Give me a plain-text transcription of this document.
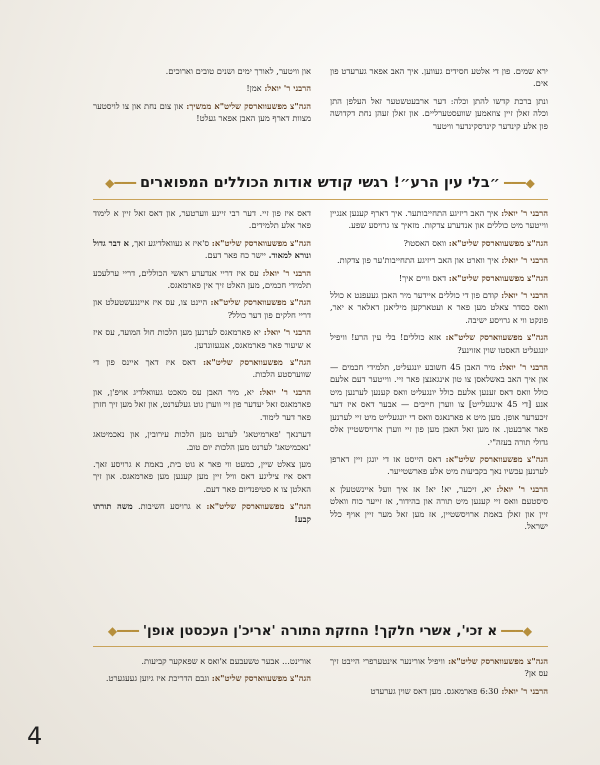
ירא שמים. פון די אלטע חסידים געווען. איך האב אפאר גערעדט פון אים.

ונתן ברכת קדשו להתן וכלה: דער ארבעטשטער זאל העלפן התן וכלה זאלן זיין צוזאמען שוועסטערליים. און זאלן זעהן נחת דקדושה פון אלע קינדער קינדסקינדער וויטער

און וויטער, לאורך ימים ושנים טובים וארוכים.

הרבני ר' יואל: אמן!

הגה"צ מפשעווארסק שליט"א ממשיך: און צום נחת און צו לויסטער מצוות דארף מען האבן אפאר געלט!

◆━━━״בלי עין הרע״! רגשי קודש אודות הכוללים המפוארים━━━◆

הרבני ר' יואל: איך האב ריזיגע התחייבותער. איך דארף קענען אנגיין ווייטער מיט כוללים און אנדערע צדקות. מזאיך צו גרויסע שפע.

הגה"צ מפשעווארסק שליט"א: וואס האסטו?

הרבני ר' יואל: איך ווארט און האב ריזיגע התחייבות'ער פון צדקות.

הגה"צ מפשעווארסק שליט"א: דאס וויים איך!

הרבני ר' יואל: קודם פון די כוללים איידער מיר האבן געעפנט א כולל וואס כסדר צאלט מען פאר א ועטארקען מיליאנן דאלאר א יאר, פונקט ווי א גרויסע ישיבה.

הגה"צ מפשעווארסק שליט"א: אזא כוללים! בלי עין הרע! וויפיל יונגעליט האסטו שוין אזוינע?

הרבני ר' יואל: מיר האבן 45 חשובע יונגעליט, תלמידי חכמים — און איך האב באשלאסן צו טון אינגאנצן פאר זיי. ווייטער דעם אלעם כולל וואס דאס זענען אלעם כולל יונגעליט וואס קענען לערנען מיט אנע [די 45 אינגעלייט] צו ווערן חייבים — אבער דאס איז דער זיכערער אופן. מען מיט א פארנאגס וואס די יונגעלייט מיט זיי לערנען פאר ארבעטן. אז מען זאל האבן מען פון זיי ווערן ארויסשטיין אלס גדולי תורה בעזה"י.

הגה"צ מפשעווארסק שליט"א: דאס הייסט אז די יונגן זיין דארפן לערנען עכשיו נאך בקביעות מיט אלע פארשטייער.

הרבני ר' יואל: יא, זיכער, יא! יא! אז איך וועל איינשטעלן א סיסטעם וואס זיי קענען מיט תורה און בהידור, אז זייער כוח וואלט זיין און זאלן באמת ארויסשטיין, אז מען זאל מער זיין אויף כלל ישראל.

דאס איז פון זיי. דער רבי זיינע ווערטער, און דאס זאל זיין א לימוד פאר אלע תלמידים.

הגה"צ מפשעווארסק שליט"א: ס'איז א געוואלדיגע זאך, א דבר גדול ונורא למאוד. יישר כח פאר דעם.

הרבני ר' יואל: עס איז דריי אנדערע ראשי הכוללים, דריי ערלעכע תלמידי חכמים, מען האלט זיך אין פארמאגס.

הגה"צ מפשעווארסק שליט"א: היינט צו, עס איז איינגעשטעלט און דריי חלקים פון דער כולל?

הרבני ר' יואל: יא פארמאגס לערנען מען הלכות חול המועד, עס איז א שיעור פאר פארמאגס, אנגעזונדען.

הגה"צ מפשעווארסק שליט"א: דאס איז דאך איינס פון די שווערסטע הלכות.

הרבני ר' יואל: יא, מיר האבן עס מאכט געוואלדיג אויפ'ן, און פארמאגס זאל יעדער פון זיי ווערן גוט געלערנט, און זאל מען זיך חזרן פאר דער לימוד.

דערנאך 'פארמיטאג' לערנט מען הלכות עירובין, און נאכמיטאג 'נאכמיטאג' לערנט מען הלכות יום טוב.

מען צאלט שיין, כמעט ווי פאר א גוט בית, באמת א גרויסע זאך. דאס איז ציליגע דאס וויל זיין מען קענען מען פארמאגס. און זיך האלטן צו א סטיפנדיום פאר דעם.

הגה"צ מפשעווארסק שליט"א: א גרויסע חשיבות. משה תורתו קבע!

◆━━━א זכי', אשרי חלקך! החזקת התורה 'אריכ'ן העכסטן אופן'━━━◆

הגה"צ מפשעווארסק שליט"א: וויפיל אורינער אינטערפרי הייבט זיך עס אן?

הרבני ר' יואל: 6:30 פארמאגס. מען דאס שוין גערעדט

אורינט... אבער טשעבעם א'ואס א שפאקער קביעות.

הגה"צ מפשעווארסק שליט"א: וגבם הדריכת איז גיוען געעגערט.

4
